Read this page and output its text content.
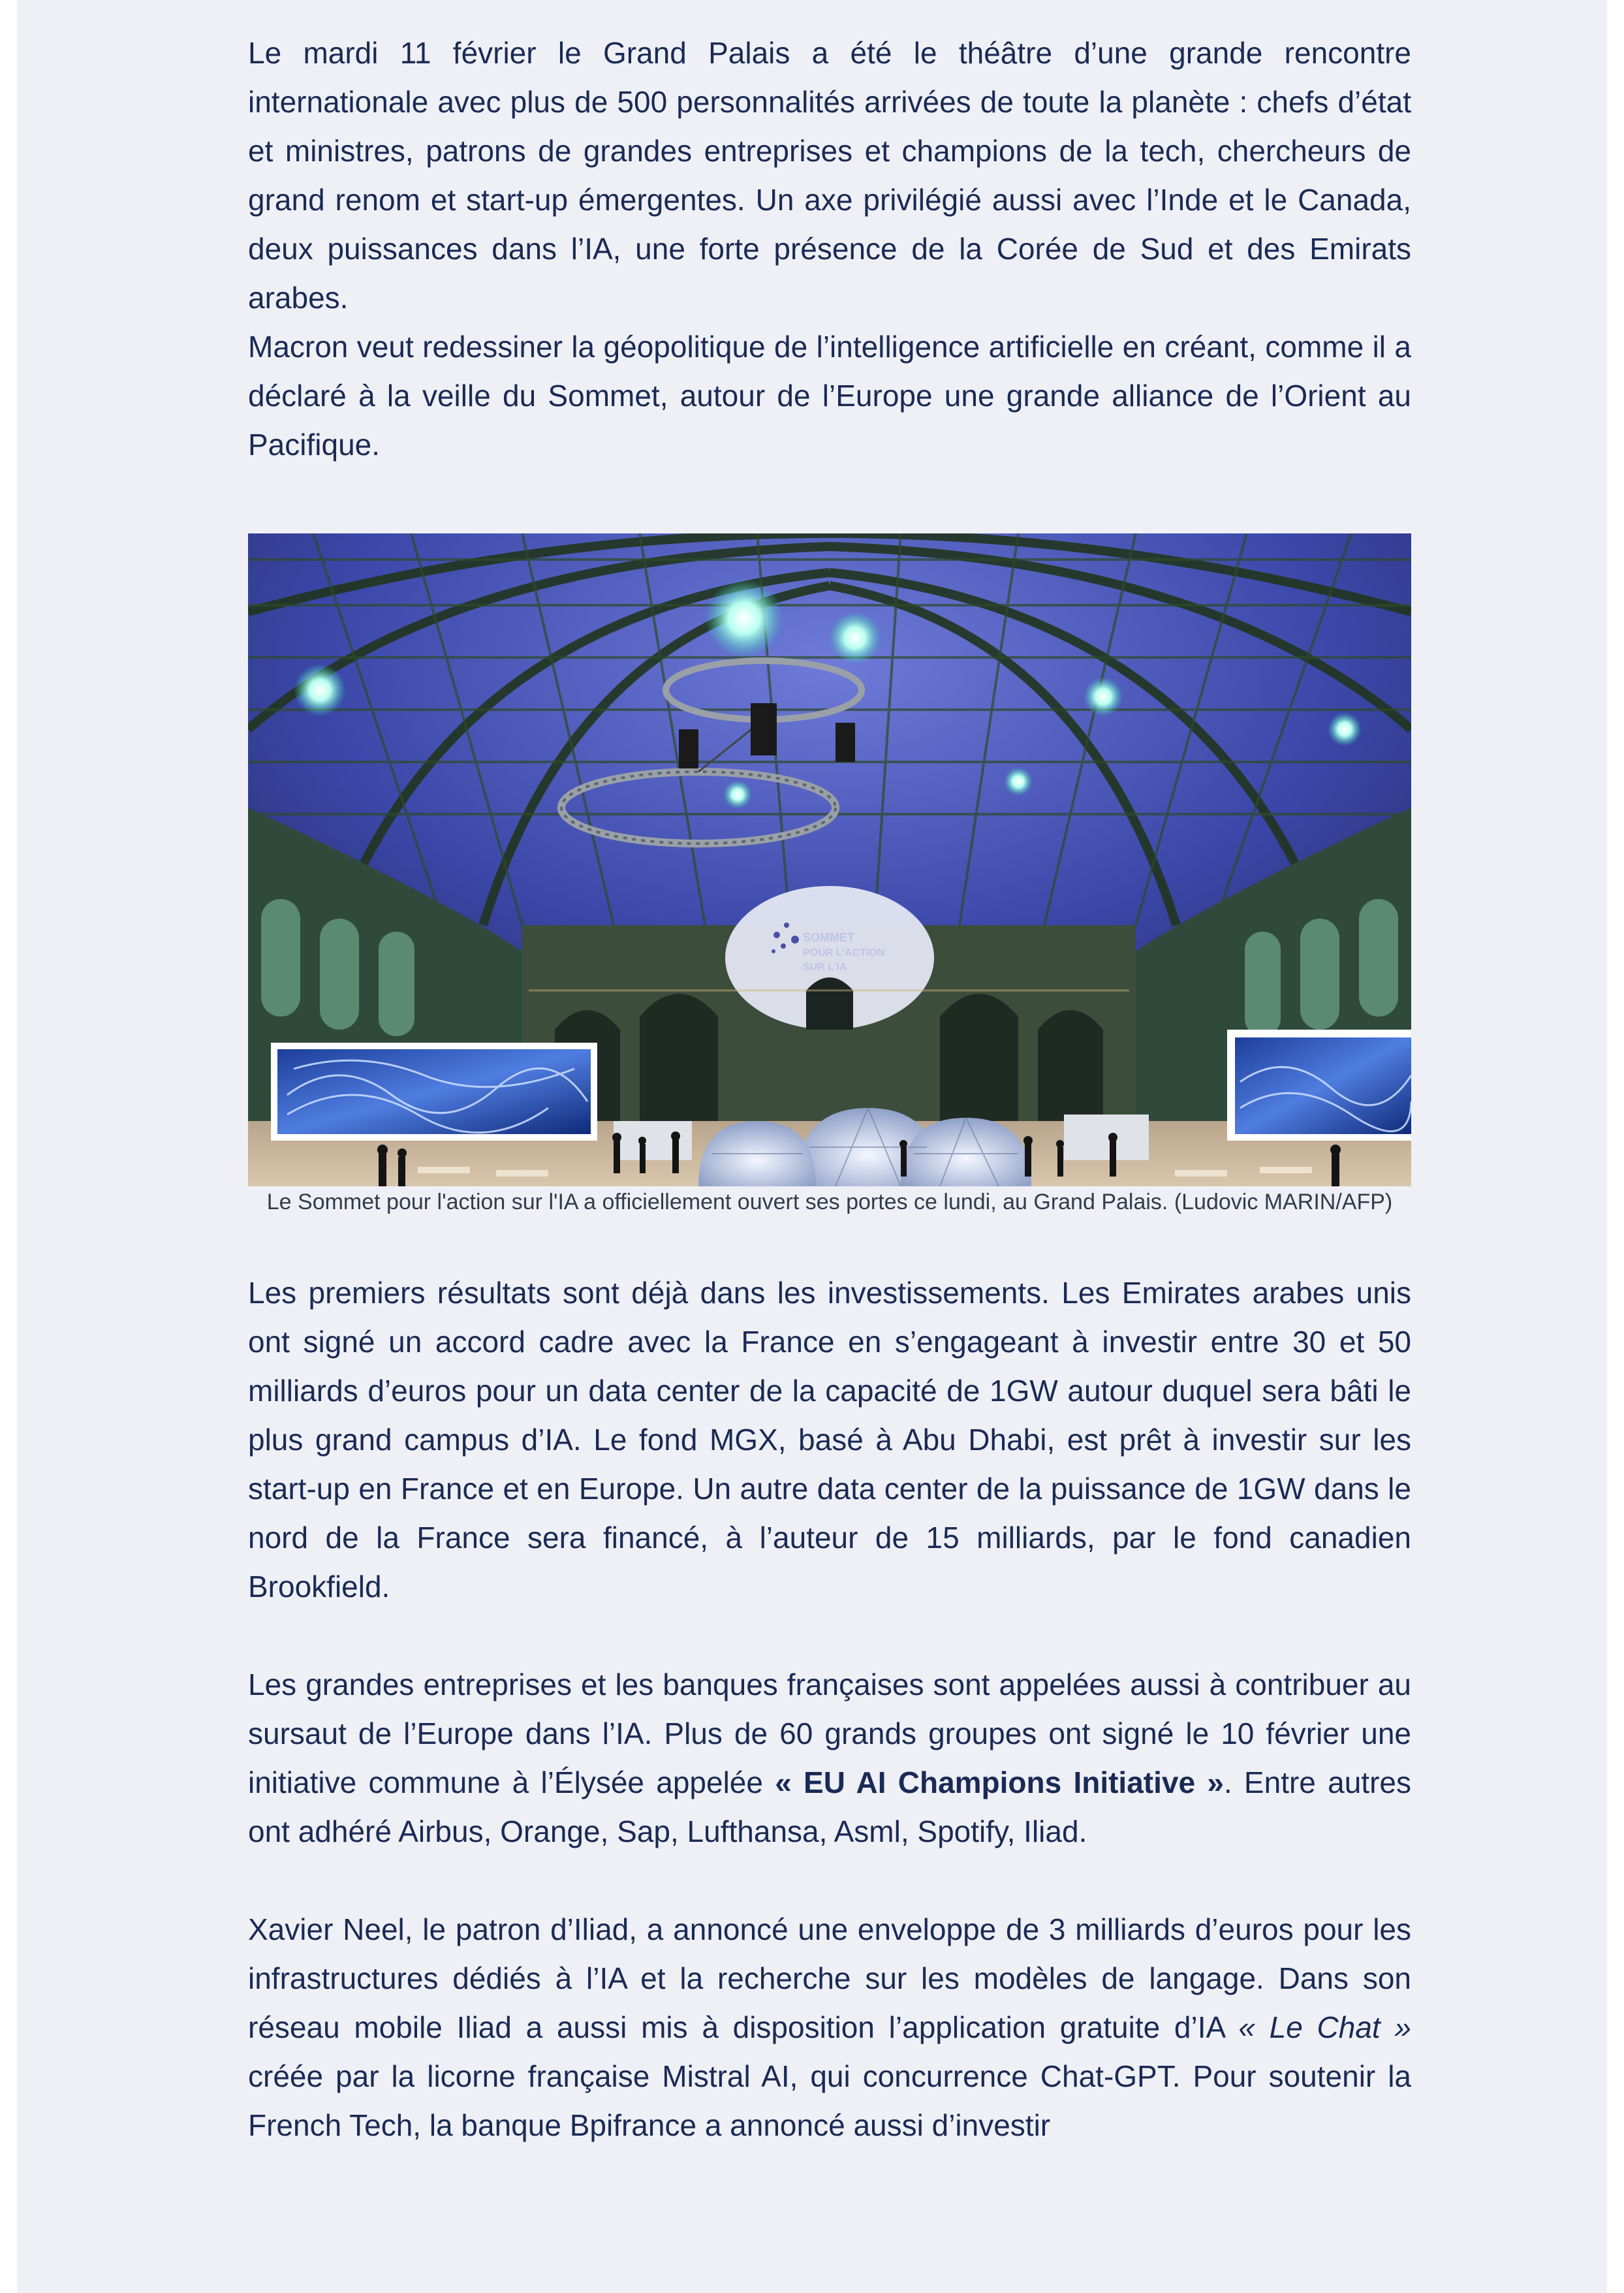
Le mardi 11 février le Grand Palais a été le théâtre d’une grande rencontre internationale avec plus de 500 personnalités arrivées de toute la planète : chefs d’état et ministres, patrons de grandes entreprises et champions de la tech, chercheurs de grand renom et start-up émergentes. Un axe privilégié aussi avec l’Inde et le Canada, deux puissances dans l’IA, une forte présence de la Corée de Sud et des Emirats arabes.

Macron veut redessiner la géopolitique de l’intelligence artificielle en créant, comme il a déclaré à la veille du Sommet, autour de l’Europe une grande alliance de l’Orient au Pacifique.

SOMMET
POUR L’ACTION
SUR L’IA
Le Sommet pour l'action sur l'IA a officiellement ouvert ses portes ce lundi, au Grand Palais. (Ludovic MARIN/AFP)

Les premiers résultats sont déjà dans les investissements. Les Emirates arabes unis ont signé un accord cadre avec la France en s’engageant à investir entre 30 et 50 milliards d’euros pour un data center de la capacité de 1GW autour duquel sera bâti le plus grand campus d’IA. Le fond MGX, basé à Abu Dhabi, est prêt à investir sur les start-up en France et en Europe. Un autre data center de la puissance de 1GW dans le nord de la France sera financé, à l’auteur de 15 milliards, par le fond canadien Brookfield.

Les grandes entreprises et les banques françaises sont appelées aussi à contribuer au sursaut de l’Europe dans l’IA. Plus de 60 grands groupes ont signé le 10 février une initiative commune à l’Élysée appelée « EU AI Champions Initiative ». Entre autres ont adhéré Airbus, Orange, Sap, Lufthansa, Asml, Spotify, Iliad.

Xavier Neel, le patron d’Iliad, a annoncé une enveloppe de 3 milliards d’euros pour les infrastructures dédiés à l’IA et la recherche sur les modèles de langage. Dans son réseau mobile Iliad a aussi mis à disposition l’application gratuite d’IA « Le Chat » créée par la licorne française Mistral AI, qui concurrence Chat-GPT. Pour soutenir la French Tech, la banque Bpifrance a annoncé aussi d’investir
